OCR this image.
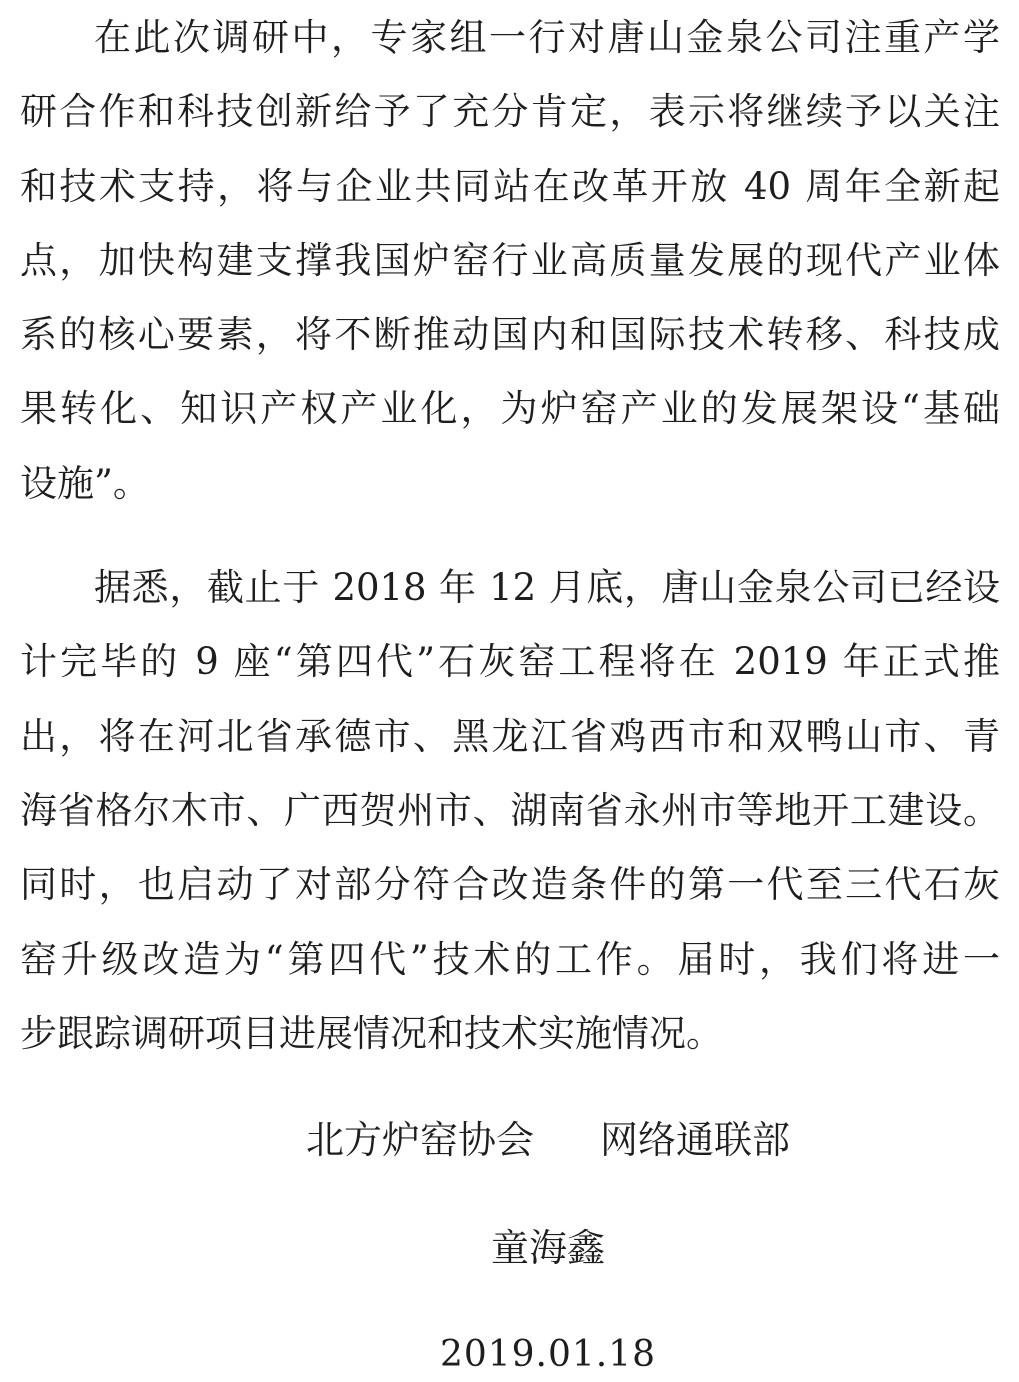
在此次调研中，专家组一行对唐山金泉公司注重产学
研合作和科技创新给予了充分肯定，表示将继续予以关注
和技术支持，将与企业共同站在改革开放 40 周年全新起
点，加快构建支撑我国炉窑行业高质量发展的现代产业体
系的核心要素，将不断推动国内和国际技术转移、科技成
果转化、知识产权产业化，为炉窑产业的发展架设“基础
设施”。
据悉，截止于 2018 年 12 月底，唐山金泉公司已经设
计完毕的 9 座“第四代”石灰窑工程将在 2019 年正式推
出，将在河北省承德市、黑龙江省鸡西市和双鸭山市、青
海省格尔木市、广西贺州市、湖南省永州市等地开工建设。
同时，也启动了对部分符合改造条件的第一代至三代石灰
窑升级改造为“第四代”技术的工作。届时，我们将进一
步跟踪调研项目进展情况和技术实施情况。
北方炉窑协会 网络通联部
童海鑫
2019.01.18
